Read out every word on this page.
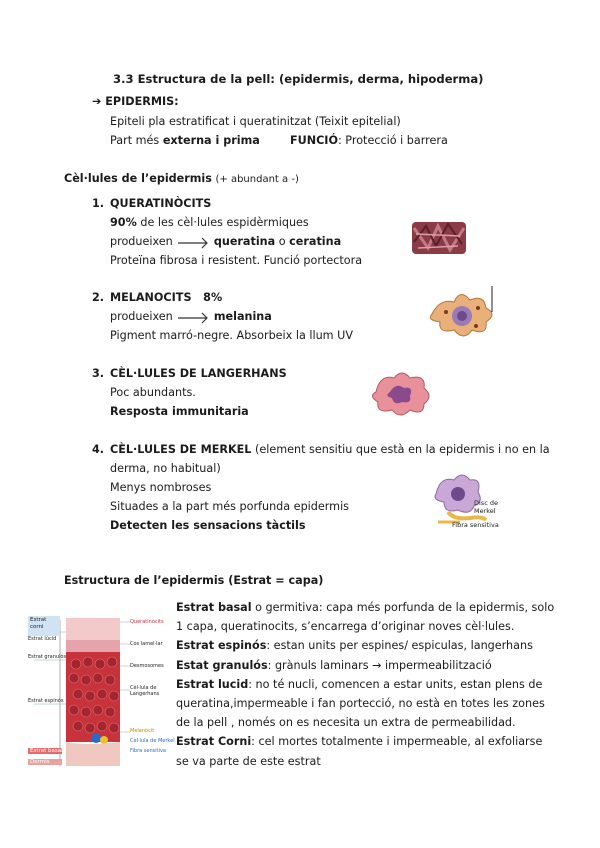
3.3 Estructura de la pell: (epidermis, derma, hipoderma)
➔ EPIDERMIS:
Epiteli pla estratificat i queratinitzat (Teixit epitelial)
Part més externa i prima	FUNCIÓ: Protecció i barrera
Cèl·lules de l’epidermis (+ abundant a -)
1. QUERATINÒCITS
90% de les cèl·lules espidèrmiques
produeixen	queratina o ceratina
Proteïna fibrosa i resistent. Funció portectora
2. MELANOCITS   8%
produeixen	melanina
Pigment marró-negre. Absorbeix la llum UV
3. CÈL·LULES DE LANGERHANS
Poc abundants.
Resposta immunitaria
4. CÈL·LULES DE MERKEL (element sensitiu que està en la epidermis i no en la
derma, no habitual)
Menys nombroses
Situades a la part més porfunda epidermis
Detecten les sensacions tàctils
Disc de
Merkel
Fibra sensitiva
Estructura de l’epidermis (Estrat = capa)
Estrat
corni
Estrat lúcid
Estrat granulós
Estrat espinós
Estrat basal
Dermis
Queratinòcits
Cos lamel·lar
Desmosomes
Cèl·lula de Langerhans
Melanòcit
Cèl·lula de Merkel
Fibra sensitiva
Estrat basal o germitiva: capa més porfunda de la epidermis, solo 1 capa, queratinocits, s’encarrega d’originar noves cèl·lules.
Estrat espinós: estan units per espines/ espiculas, langerhans
Estat granulós: grànuls laminars → impermeabilització
Estrat lucid: no té nucli, comencen a estar units, estan plens de queratina,impermeable i fan portecció, no està en totes les zones de la pell , només on es necesita un extra de permeabilidad.
Estrat Corni: cel mortes totalmente i impermeable, al exfoliarse se va parte de este estrat
